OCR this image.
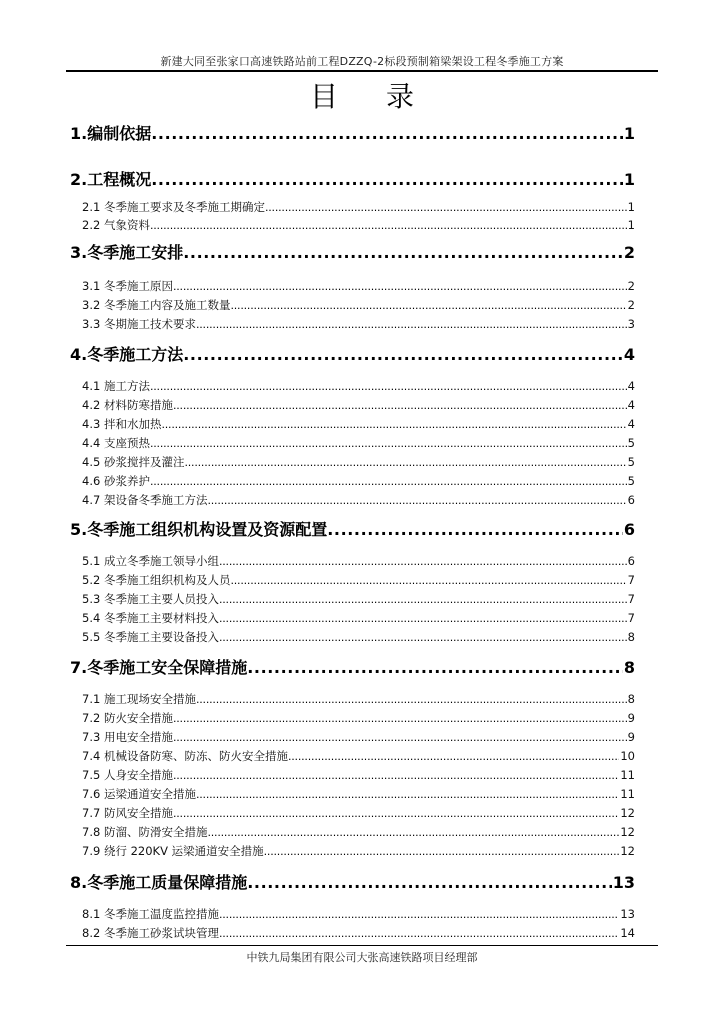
新建大同至张家口高速铁路站前工程DZZQ-2标段预制箱梁架设工程冬季施工方案
目 录
1.编制依据 .....	1
2.工程概况 .....	1
2.1 冬季施工要求及冬季施工期确定 .....	1
2.2 气象资料 .....	1
3.冬季施工安排 .....	2
3.1 冬季施工原因 .....	2
3.2 冬季施工内容及施工数量 .....	2
3.3 冬期施工技术要求 .....	3
4.冬季施工方法 .....	4
4.1 施工方法 .....	4
4.2 材料防寒措施 .....	4
4.3 拌和水加热 .....	4
4.4 支座预热 .....	5
4.5 砂浆搅拌及灌注 .....	5
4.6 砂浆养护 .....	5
4.7 架设备冬季施工方法 .....	6
5.冬季施工组织机构设置及资源配置 .....	6
5.1 成立冬季施工领导小组 .....	6
5.2 冬季施工组织机构及人员 .....	7
5.3 冬季施工主要人员投入 .....	7
5.4 冬季施工主要材料投入 .....	7
5.5 冬季施工主要设备投入 .....	8
7.冬季施工安全保障措施 .....	8
7.1 施工现场安全措施 .....	8
7.2 防火安全措施 .....	9
7.3 用电安全措施 .....	9
7.4 机械设备防寒、防冻、防火安全措施 .....	10
7.5 人身安全措施 .....	11
7.6 运梁通道安全措施 .....	11
7.7 防风安全措施 .....	12
7.8 防溜、防滑安全措施 .....	12
7.9 绕行 220KV 运梁通道安全措施 .....	12
8.冬季施工质量保障措施 .....	13
8.1 冬季施工温度监控措施 .....	13
8.2 冬季施工砂浆试块管理 .....	14
中铁九局集团有限公司大张高速铁路项目经理部
